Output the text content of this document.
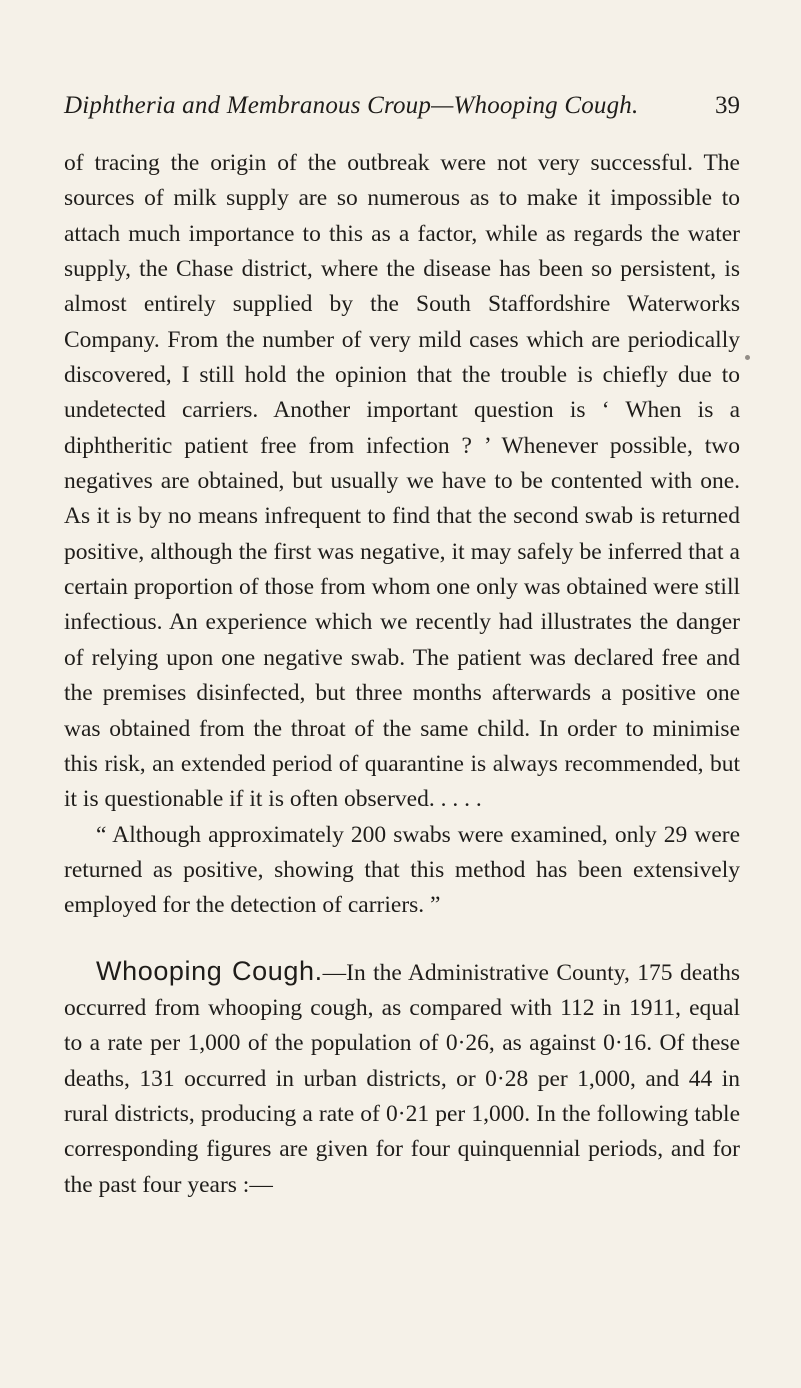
Diphtheria and Membranous Croup—Whooping Cough.	39

of tracing the origin of the outbreak were not very successful. The sources of milk supply are so numerous as to make it impossible to attach much importance to this as a factor, while as regards the water supply, the Chase district, where the disease has been so persistent, is almost entirely supplied by the South Staffordshire Waterworks Company. From the number of very mild cases which are periodically discovered, I still hold the opinion that the trouble is chiefly due to undetected carriers. Another important question is ‘ When is a diphtheritic patient free from infection ? ’ Whenever possible, two negatives are obtained, but usually we have to be contented with one. As it is by no means infrequent to find that the second swab is returned positive, although the first was negative, it may safely be inferred that a certain proportion of those from whom one only was obtained were still infectious. An experience which we recently had illustrates the danger of relying upon one negative swab. The patient was declared free and the premises disinfected, but three months afterwards a positive one was obtained from the throat of the same child. In order to minimise this risk, an extended period of quarantine is always recommended, but it is questionable if it is often observed. . . . .

“ Although approximately 200 swabs were examined, only 29 were returned as positive, showing that this method has been extensively employed for the detection of carriers. ”

Whooping Cough.—In the Administrative County, 175 deaths occurred from whooping cough, as compared with 112 in 1911, equal to a rate per 1,000 of the population of 0·26, as against 0·16. Of these deaths, 131 occurred in urban districts, or 0·28 per 1,000, and 44 in rural districts, producing a rate of 0·21 per 1,000. In the following table corresponding figures are given for four quinquennial periods, and for the past four years :—
